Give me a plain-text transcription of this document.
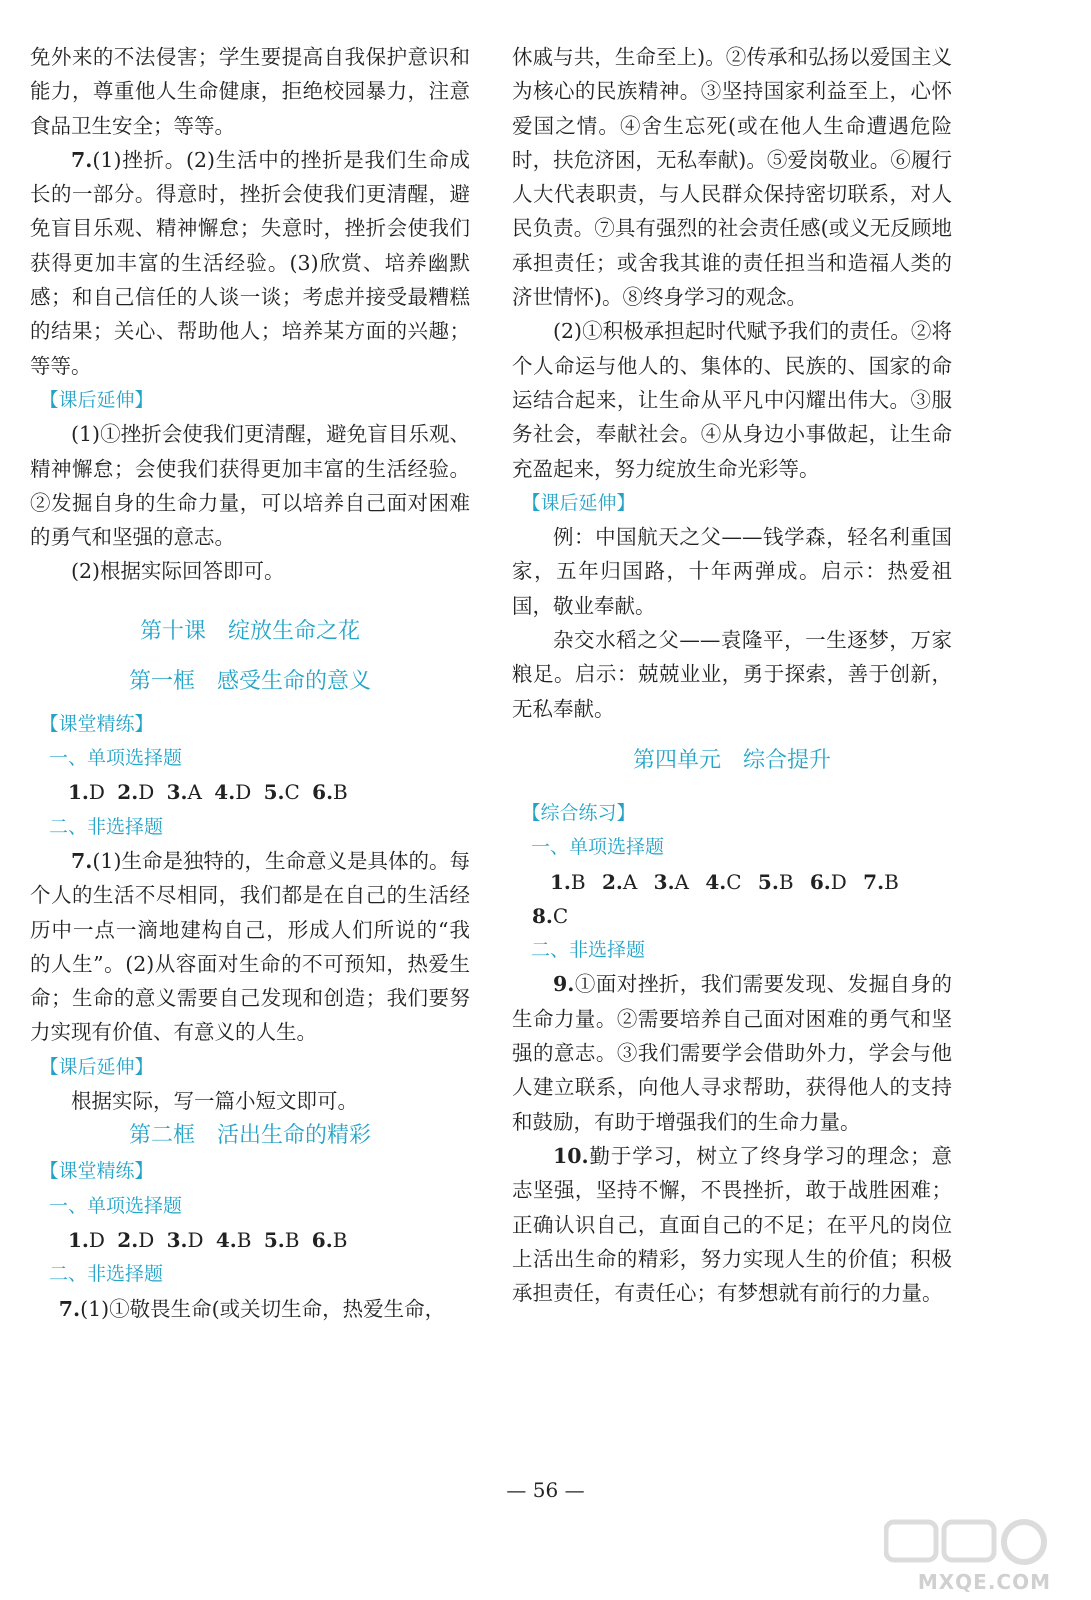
免外来的不法侵害；学生要提高自我保护意识和能力，尊重他人生命健康，拒绝校园暴力，注意食品卫生安全；等等。

7.(1)挫折。(2)生活中的挫折是我们生命成长的一部分。得意时，挫折会使我们更清醒，避免盲目乐观、精神懈怠；失意时，挫折会使我们获得更加丰富的生活经验。(3)欣赏、培养幽默感；和自己信任的人谈一谈；考虑并接受最糟糕的结果；关心、帮助他人；培养某方面的兴趣；等等。

【课后延伸】

(1)①挫折会使我们更清醒，避免盲目乐观、精神懈怠；会使我们获得更加丰富的生活经验。②发掘自身的生命力量，可以培养自己面对困难的勇气和坚强的意志。

(2)根据实际回答即可。

第十课　绽放生命之花
第一框　感受生命的意义
【课堂精练】
一、单项选择题
1.D 2.D 3.A 4.D 5.C 6.B
二、非选择题

7.(1)生命是独特的，生命意义是具体的。每个人的生活不尽相同，我们都是在自己的生活经历中一点一滴地建构自己，形成人们所说的“我的人生”。(2)从容面对生命的不可预知，热爱生命；生命的意义需要自己发现和创造；我们要努力实现有价值、有意义的人生。

【课后延伸】

根据实际，写一篇小短文即可。

第二框　活出生命的精彩
【课堂精练】
一、单项选择题
1.D 2.D 3.D 4.B 5.B 6.B
二、非选择题

7.(1)①敬畏生命(或关切生命，热爱生命，

休戚与共，生命至上)。②传承和弘扬以爱国主义为核心的民族精神。③坚持国家利益至上，心怀爱国之情。④舍生忘死(或在他人生命遭遇危险时，扶危济困，无私奉献)。⑤爱岗敬业。⑥履行人大代表职责，与人民群众保持密切联系，对人民负责。⑦具有强烈的社会责任感(或义无反顾地承担责任；或舍我其谁的责任担当和造福人类的济世情怀)。⑧终身学习的观念。

(2)①积极承担起时代赋予我们的责任。②将个人命运与他人的、集体的、民族的、国家的命运结合起来，让生命从平凡中闪耀出伟大。③服务社会，奉献社会。④从身边小事做起，让生命充盈起来，努力绽放生命光彩等。

【课后延伸】

例：中国航天之父——钱学森，轻名利重国家，五年归国路，十年两弹成。启示：热爱祖国，敬业奉献。

杂交水稻之父——袁隆平，一生逐梦，万家粮足。启示：兢兢业业，勇于探索，善于创新，无私奉献。

第四单元　综合提升
【综合练习】
一、单项选择题
1.B 2.A 3.A 4.C 5.B 6.D 7.B
8.C
二、非选择题

9.①面对挫折，我们需要发现、发掘自身的生命力量。②需要培养自己面对困难的勇气和坚强的意志。③我们需要学会借助外力，学会与他人建立联系，向他人寻求帮助，获得他人的支持和鼓励，有助于增强我们的生命力量。

10.勤于学习，树立了终身学习的理念；意志坚强，坚持不懈，不畏挫折，敢于战胜困难；正确认识自己，直面自己的不足；在平凡的岗位上活出生命的精彩，努力实现人生的价值；积极承担责任，有责任心；有梦想就有前行的力量。

— 56 —
MXQE.COM
